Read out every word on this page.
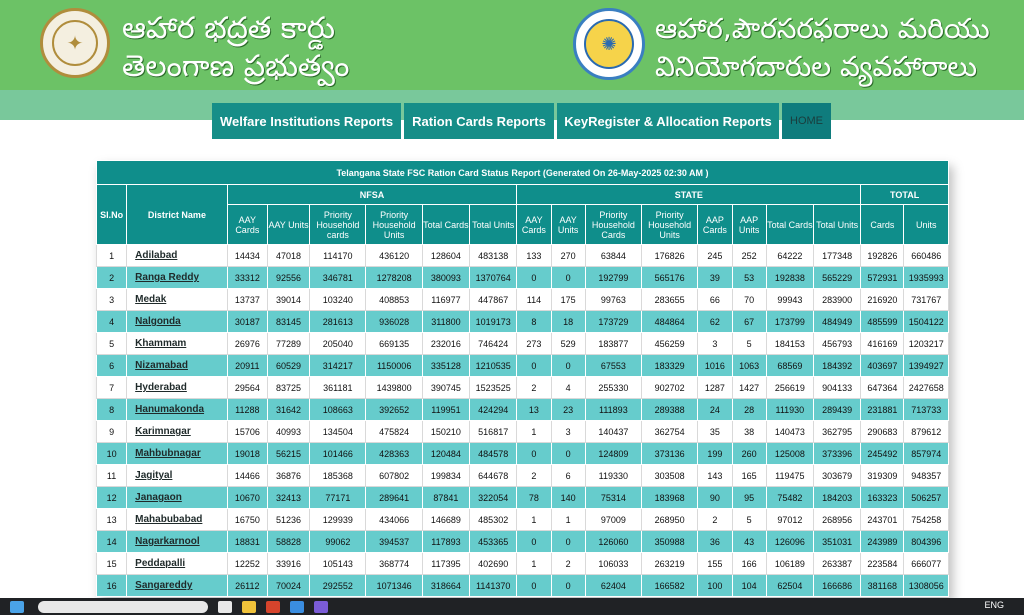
✦	ఆహార భద్రత కార్డు
తెలంగాణ ప్రభుత్వం
✺	ఆహార,పౌరసరఫరాలు మరియు
వినియోగదారుల వ్యవహారాలు
Welfare Institutions Reports	Ration Cards Reports	KeyRegister & Allocation Reports	HOME
Telangana State FSC Ration Card Status Report (Generated On 26-May-2025 02:30 AM )																	
Sl.No	District Name	NFSA						STATE								TOTAL	
		AAY Cards	AAY Units	Priority Household cards	Priority Household Units	Total Cards	Total Units	AAY Cards	AAY Units	Priority Household Cards	Priority Household Units	AAP Cards	AAP Units	Total Cards	Total Units	Cards	Units
1	Adilabad	14434	47018	114170	436120	128604	483138	133	270	63844	176826	245	252	64222	177348	192826	660486
2	Ranga Reddy	33312	92556	346781	1278208	380093	1370764	0	0	192799	565176	39	53	192838	565229	572931	1935993
3	Medak	13737	39014	103240	408853	116977	447867	114	175	99763	283655	66	70	99943	283900	216920	731767
4	Nalgonda	30187	83145	281613	936028	311800	1019173	8	18	173729	484864	62	67	173799	484949	485599	1504122
5	Khammam	26976	77289	205040	669135	232016	746424	273	529	183877	456259	3	5	184153	456793	416169	1203217
6	Nizamabad	20911	60529	314217	1150006	335128	1210535	0	0	67553	183329	1016	1063	68569	184392	403697	1394927
7	Hyderabad	29564	83725	361181	1439800	390745	1523525	2	4	255330	902702	1287	1427	256619	904133	647364	2427658
8	Hanumakonda	11288	31642	108663	392652	119951	424294	13	23	111893	289388	24	28	111930	289439	231881	713733
9	Karimnagar	15706	40993	134504	475824	150210	516817	1	3	140437	362754	35	38	140473	362795	290683	879612
10	Mahbubnagar	19018	56215	101466	428363	120484	484578	0	0	124809	373136	199	260	125008	373396	245492	857974
11	Jagityal	14466	36876	185368	607802	199834	644678	2	6	119330	303508	143	165	119475	303679	319309	948357
12	Janagaon	10670	32413	77171	289641	87841	322054	78	140	75314	183968	90	95	75482	184203	163323	506257
13	Mahabubabad	16750	51236	129939	434066	146689	485302	1	1	97009	268950	2	5	97012	268956	243701	754258
14	Nagarkarnool	18831	58828	99062	394537	117893	453365	0	0	126060	350988	36	43	126096	351031	243989	804396
15	Peddapalli	12252	33916	105143	368774	117395	402690	1	2	106033	263219	155	166	106189	263387	223584	666077
16	Sangareddy	26112	70024	292552	1071346	318664	1141370	0	0	62404	166582	100	104	62504	166686	381168	1308056
ENG
